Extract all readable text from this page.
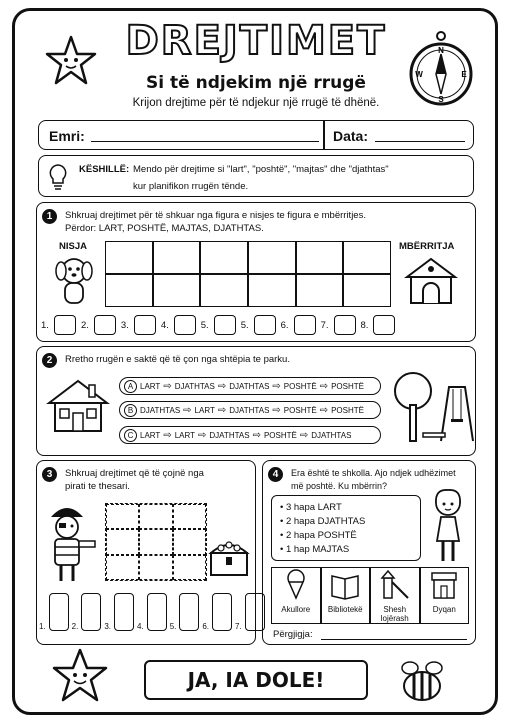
DREJTIMET	N
S
E
W
Si të ndjekim një rrugë
Krijon drejtime për të ndjekur një rrugë të dhënë.
Emri:	Data:
KËSHILLË: Mendo për drejtime si "lart", "poshtë", "majtas" dhe "djathtas"
kur planifikon rrugën tënde.
1	Shkruaj drejtimet për të shkuar nga figura e nisjes te figura e mbërritjes.
Përdor: LART, POSHTË, MAJTAS, DJATHTAS.
NISJA	MBËRRITJA
1.	2.	3.	4.	5.	5.	6.	7.	8.
2	Rretho rrugën e saktë që të çon nga shtëpia te parku.
A LART ⇨ DJATHTAS ⇨ DJATHTAS ⇨ POSHTË ⇨ POSHTË
B DJATHTAS ⇨ LART ⇨ DJATHTAS ⇨ POSHTË ⇨ POSHTË
C LART ⇨ LART ⇨ DJATHTAS ⇨ POSHTË ⇨ DJATHTAS
3	Shkruaj drejtimet që të çojnë nga
pirati te thesari.
1.	2.	3.	4.	5.	6.	7.
4	Era është te shkolla. Ajo ndjek udhëzimet
më poshtë. Ku mbërrin?
• 3 hapa LART
• 2 hapa DJATHTAS
• 2 hapa POSHTË
• 1 hap MAJTAS
Akullore	Bibliotekë	Shesh lojërash
Dyqan
Përgjigja:
JA, IA DOLE!
